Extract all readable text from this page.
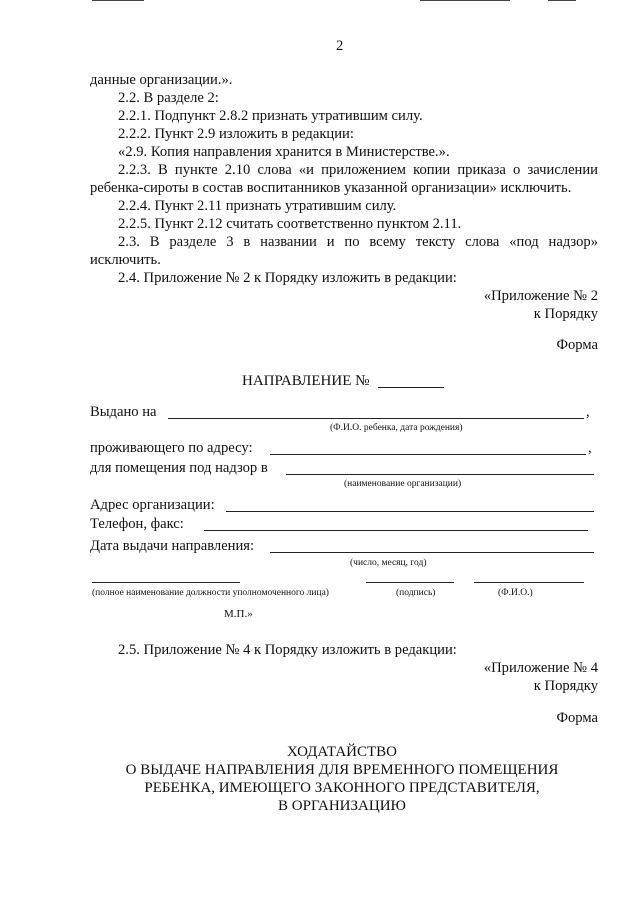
2
данные организации.».
2.2. В разделе 2:
2.2.1. Подпункт 2.8.2 признать утратившим силу.
2.2.2. Пункт 2.9 изложить в редакции:
«2.9. Копия направления хранится в Министерстве.».
2.2.3. В пункте 2.10 слова «и приложением копии приказа о зачислении
ребенка-сироты в состав воспитанников указанной организации» исключить.
2.2.4. Пункт 2.11 признать утратившим силу.
2.2.5. Пункт 2.12 считать соответственно пунктом 2.11.
2.3. В разделе 3 в названии и по всему тексту слова «под надзор»
исключить.
2.4. Приложение № 2 к Порядку изложить в редакции:
«Приложение № 2
к Порядку
Форма
НАПРАВЛЕНИЕ №
Выдано на	,
(Ф.И.О. ребенка, дата рождения)
проживающего по адресу:	,
для помещения под надзор в
(наименование организации)
Адрес организации:
Телефон, факс:
Дата выдачи направления:
(число, месяц, год)
(полное наименование должности уполномоченного лица)	(подпись)	(Ф.И.О.)
М.П.»
2.5. Приложение № 4 к Порядку изложить в редакции:
«Приложение № 4
к Порядку
Форма
ХОДАТАЙСТВО
О ВЫДАЧЕ НАПРАВЛЕНИЯ ДЛЯ ВРЕМЕННОГО ПОМЕЩЕНИЯ
РЕБЕНКА, ИМЕЮЩЕГО ЗАКОННОГО ПРЕДСТАВИТЕЛЯ,
В ОРГАНИЗАЦИЮ
